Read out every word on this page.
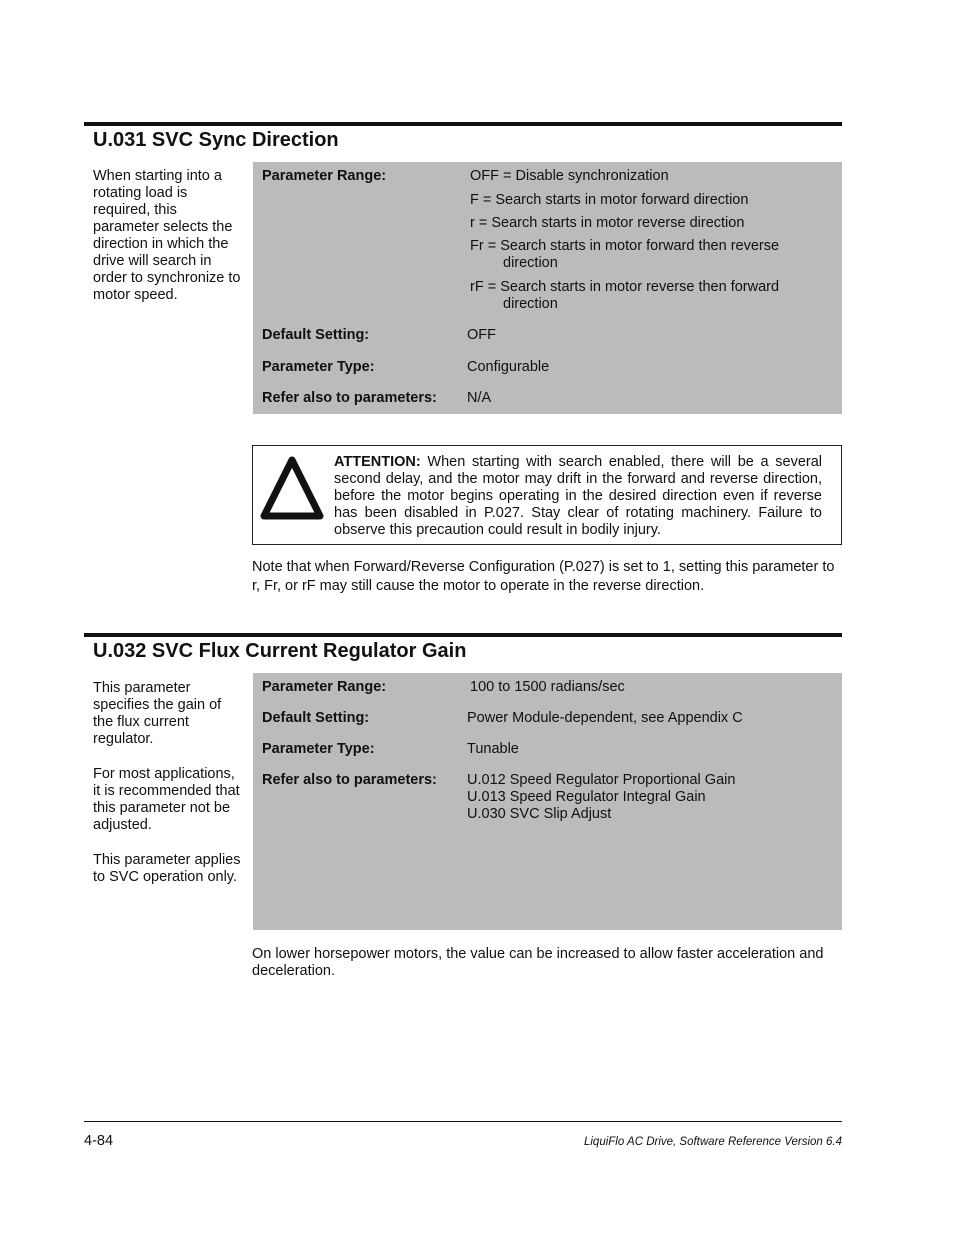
U.031 SVC Sync Direction

When starting into a rotating load is required, this parameter selects the direction in which the drive will search in order to synchronize to motor speed.

Parameter Range:	OFF = Disable synchronization
F = Search starts in motor forward direction
r = Search starts in motor reverse direction
Fr = Search starts in motor forward then reverse direction
rF = Search starts in motor reverse then forward direction
Default Setting:	OFF
Parameter Type:	Configurable
Refer also to parameters: N/A
ATTENTION: When starting with search enabled, there will be a several second delay, and the motor may drift in the forward and reverse direction, before the motor begins operating in the desired direction even if reverse has been disabled in P.027. Stay clear of rotating machinery. Failure to observe this precaution could result in bodily injury.
Note that when Forward/Reverse Configuration (P.027) is set to 1, setting this parameter to r, Fr, or rF may still cause the motor to operate in the reverse direction.
U.032 SVC Flux Current Regulator Gain

This parameter specifies the gain of the flux current regulator.

For most applications, it is recommended that this parameter not be adjusted.

This parameter applies to SVC operation only.

Parameter Range:	100 to 1500 radians/sec
Default Setting:	Power Module-dependent, see Appendix C
Parameter Type:	Tunable
Refer also to parameters: U.012 Speed Regulator Proportional Gain
U.013 Speed Regulator Integral Gain
U.030 SVC Slip Adjust
On lower horsepower motors, the value can be increased to allow faster acceleration and deceleration.
4-84	LiquiFlo AC Drive, Software Reference Version 6.4
